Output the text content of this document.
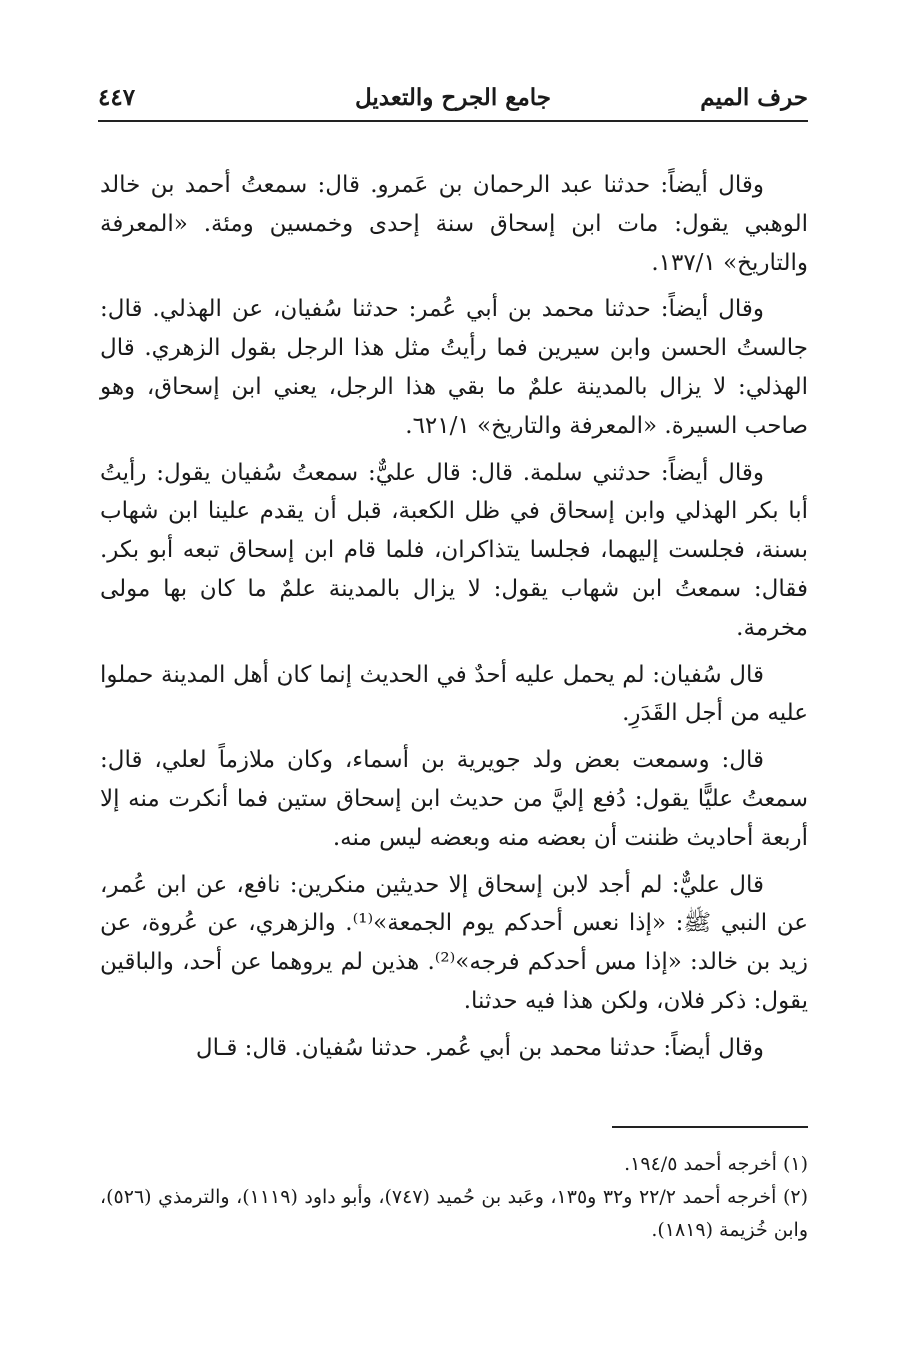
حرف الميم
جامع الجرح والتعديل
٤٤٧

وقال أيضاً: حدثنا عبد الرحمان بن عَمرو. قال: سمعتُ أحمد بن خالد الوهبي يقول: مات ابن إسحاق سنة إحدى وخمسين ومئة. «المعرفة والتاريخ» ١٣٧/١.

وقال أيضاً: حدثنا محمد بن أبي عُمر: حدثنا سُفيان، عن الهذلي. قال: جالستُ الحسن وابن سيرين فما رأيتُ مثل هذا الرجل بقول الزهري. قال الهذلي: لا يزال بالمدينة علمٌ ما بقي هذا الرجل، يعني ابن إسحاق، وهو صاحب السيرة. «المعرفة والتاريخ» ٦٢١/١.

وقال أيضاً: حدثني سلمة. قال: قال عليٌّ: سمعتُ سُفيان يقول: رأيتُ أبا بكر الهذلي وابن إسحاق في ظل الكعبة، قبل أن يقدم علينا ابن شهاب بسنة، فجلست إليهما، فجلسا يتذاكران، فلما قام ابن إسحاق تبعه أبو بكر. فقال: سمعتُ ابن شهاب يقول: لا يزال بالمدينة علمٌ ما كان بها مولى مخرمة.

قال سُفيان: لم يحمل عليه أحدٌ في الحديث إنما كان أهل المدينة حملوا عليه من أجل القَدَرِ.

قال: وسمعت بعض ولد جويرية بن أسماء، وكان ملازماً لعلي، قال: سمعتُ عليًّا يقول: دُفع إليَّ من حديث ابن إسحاق ستين فما أنكرت منه إلا أربعة أحاديث ظننت أن بعضه منه وبعضه ليس منه.

قال عليٌّ: لم أجد لابن إسحاق إلا حديثين منكرين: نافع، عن ابن عُمر، عن النبي ﷺ: «إذا نعس أحدكم يوم الجمعة»⁽¹⁾. والزهري، عن عُروة، عن زيد بن خالد: «إذا مس أحدكم فرجه»⁽²⁾. هذين لم يروهما عن أحد، والباقين يقول: ذكر فلان، ولكن هذا فيه حدثنا.

وقال أيضاً: حدثنا محمد بن أبي عُمر. حدثنا سُفيان. قال: قـال

(١) أخرجه أحمد ١٩٤/٥.

(٢) أخرجه أحمد ٢٢/٢ و٣٢ و١٣٥، وعَبد بن حُميد (٧٤٧)، وأبو داود (١١١٩)، والترمذي (٥٢٦)، وابن خُزيمة (١٨١٩).
